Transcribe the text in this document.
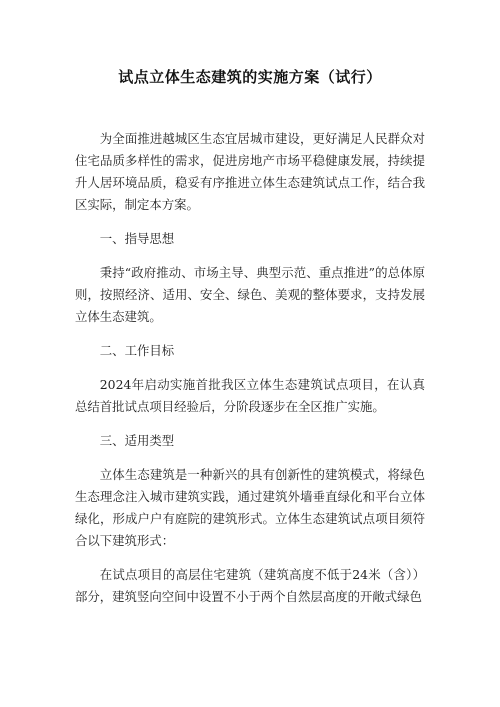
试点立体生态建筑的实施方案（试行）

为全面推进越城区生态宜居城市建设，更好满足人民群众对住宅品质多样性的需求，促进房地产市场平稳健康发展，持续提升人居环境品质，稳妥有序推进立体生态建筑试点工作，结合我区实际，制定本方案。

一、指导思想

秉持“政府推动、市场主导、典型示范、重点推进”的总体原则，按照经济、适用、安全、绿色、美观的整体要求，支持发展立体生态建筑。

二、工作目标

2024年启动实施首批我区立体生态建筑试点项目，在认真总结首批试点项目经验后，分阶段逐步在全区推广实施。

三、适用类型

立体生态建筑是一种新兴的具有创新性的建筑模式，将绿色生态理念注入城市建筑实践，通过建筑外墙垂直绿化和平台立体绿化，形成户户有庭院的建筑形式。立体生态建筑试点项目须符合以下建筑形式：

在试点项目的高层住宅建筑（建筑高度不低于24米（含））部分，建筑竖向空间中设置不小于两个自然层高度的开敞式绿色
